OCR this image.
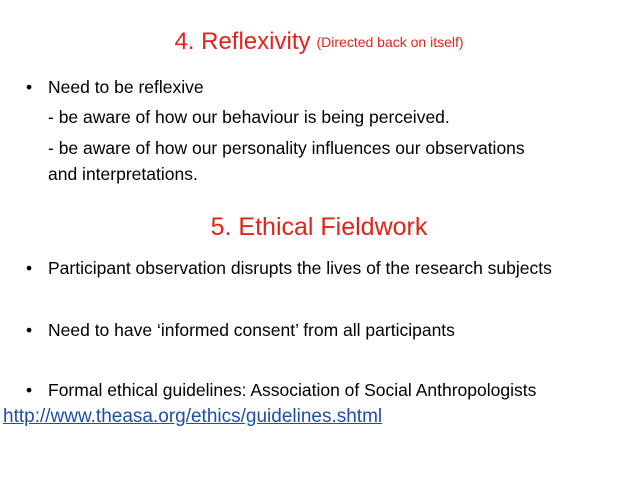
4. Reflexivity (Directed back on itself)
• Need to be reflexive
- be aware of how our behaviour is being perceived.
- be aware of how our personality influences our observations
and interpretations.
5. Ethical Fieldwork
• Participant observation disrupts the lives of the research subjects
• Need to have ‘informed consent’ from all participants
• Formal ethical guidelines: Association of Social Anthropologists
http://www.theasa.org/ethics/guidelines.shtml
